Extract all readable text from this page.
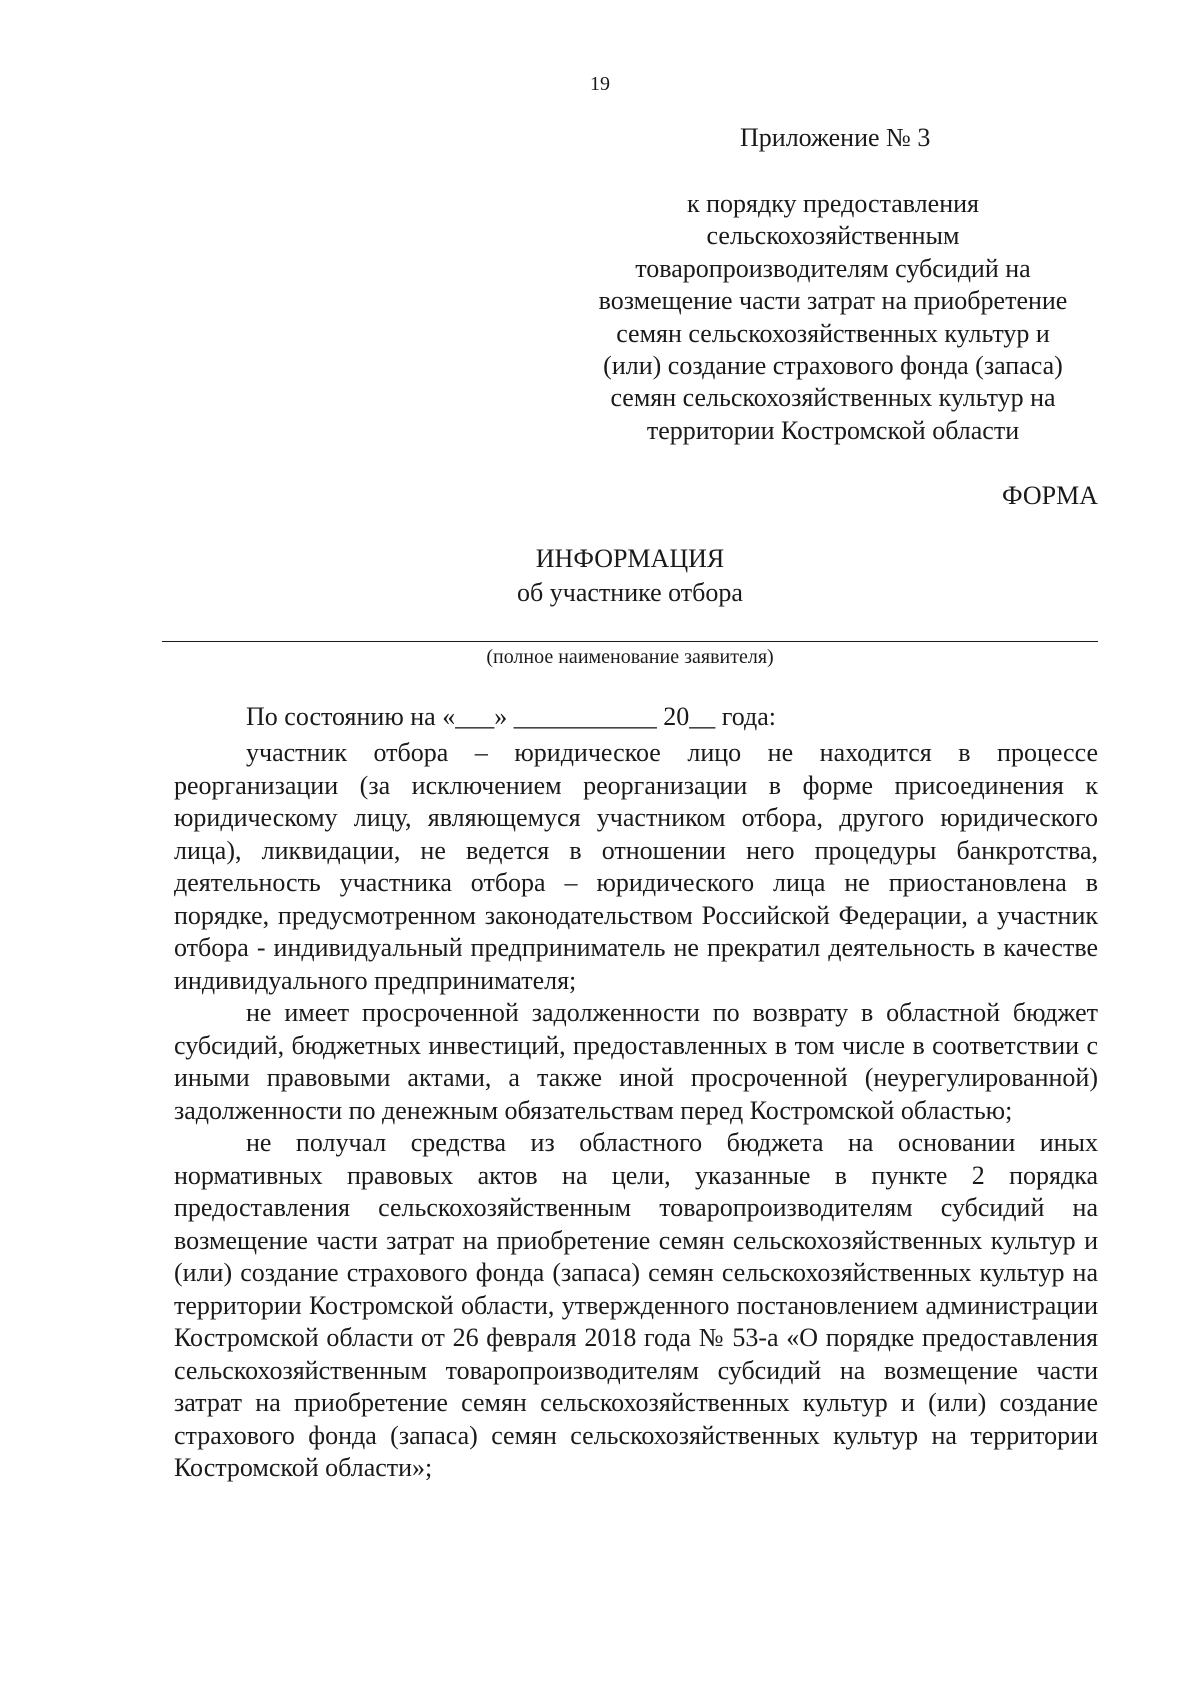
19
Приложение № 3
к порядку предоставления
сельскохозяйственным
товаропроизводителям субсидий на
возмещение части затрат на приобретение
семян сельскохозяйственных культур и
(или) создание страхового фонда (запаса)
семян сельскохозяйственных культур на
территории Костромской области
ФОРМА
ИНФОРМАЦИЯ
об участнике отбора
(полное наименование заявителя)
По состоянию на «___» ___________ 20__ года:

участник отбора – юридическое лицо не находится в процессе реорганизации (за исключением реорганизации в форме присоединения к юридическому лицу, являющемуся участником отбора, другого юридического лица), ликвидации, не ведется в отношении него процедуры банкротства, деятельность участника отбора – юридического лица не приостановлена в порядке, предусмотренном законодательством Российской Федерации, а участник отбора - индивидуальный предприниматель не прекратил деятельность в качестве индивидуального предпринимателя;

не имеет просроченной задолженности по возврату в областной бюджет субсидий, бюджетных инвестиций, предоставленных в том числе в соответствии с иными правовыми актами, а также иной просроченной (неурегулированной) задолженности по денежным обязательствам перед Костромской областью;

не получал средства из областного бюджета на основании иных нормативных правовых актов на цели, указанные в пункте 2 порядка предоставления сельскохозяйственным товаропроизводителям субсидий на возмещение части затрат на приобретение семян сельскохозяйственных культур и (или) создание страхового фонда (запаса) семян сельскохозяйственных культур на территории Костромской области, утвержденного постановлением администрации Костромской области от 26 февраля 2018 года № 53-а «О порядке предоставления сельскохозяйственным товаропроизводителям субсидий на возмещение части затрат на приобретение семян сельскохозяйственных культур и (или) создание страхового фонда (запаса) семян сельскохозяйственных культур на территории Костромской области»;
